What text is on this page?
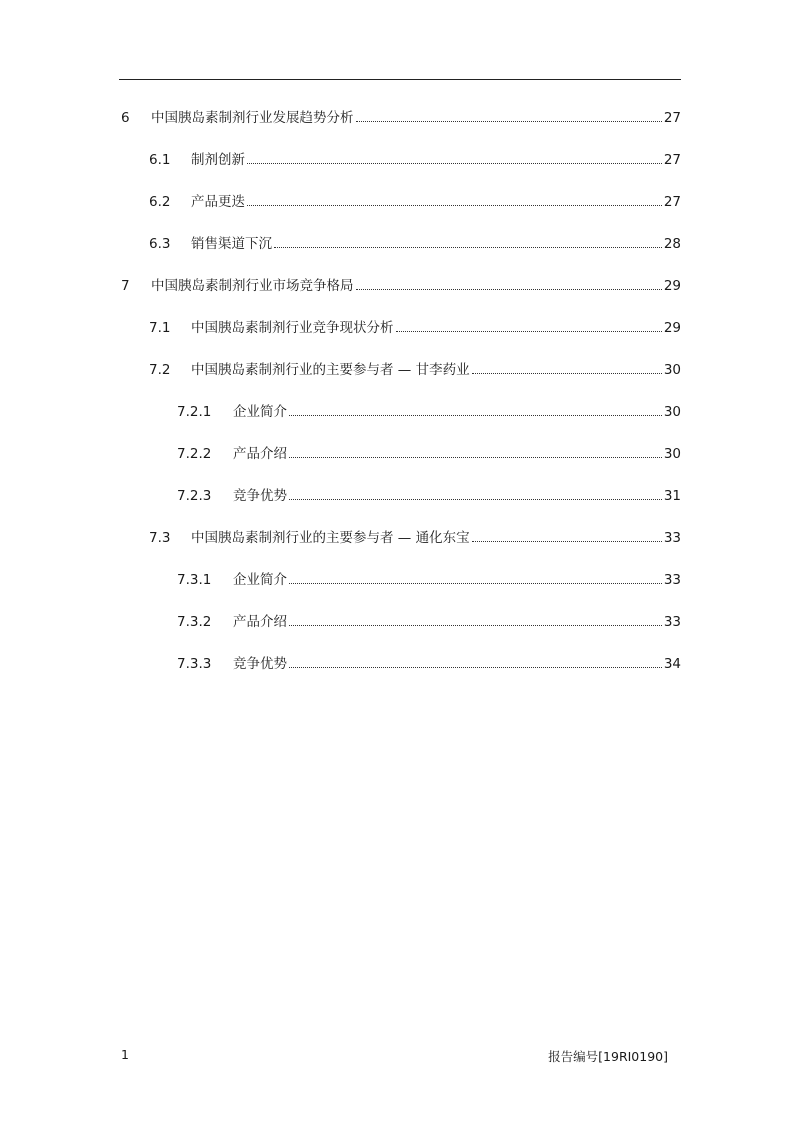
6	中国胰岛素制剂行业发展趋势分析	27
6.1	制剂创新	27
6.2	产品更迭	27
6.3	销售渠道下沉	28
7	中国胰岛素制剂行业市场竞争格局	29
7.1	中国胰岛素制剂行业竞争现状分析	29
7.2	中国胰岛素制剂行业的主要参与者 — 甘李药业	30
7.2.1	企业简介	30
7.2.2	产品介绍	30
7.2.3	竞争优势	31
7.3	中国胰岛素制剂行业的主要参与者 — 通化东宝	33
7.3.1	企业简介	33
7.3.2	产品介绍	33
7.3.3	竞争优势	34
1	报告编号[19RI0190]
